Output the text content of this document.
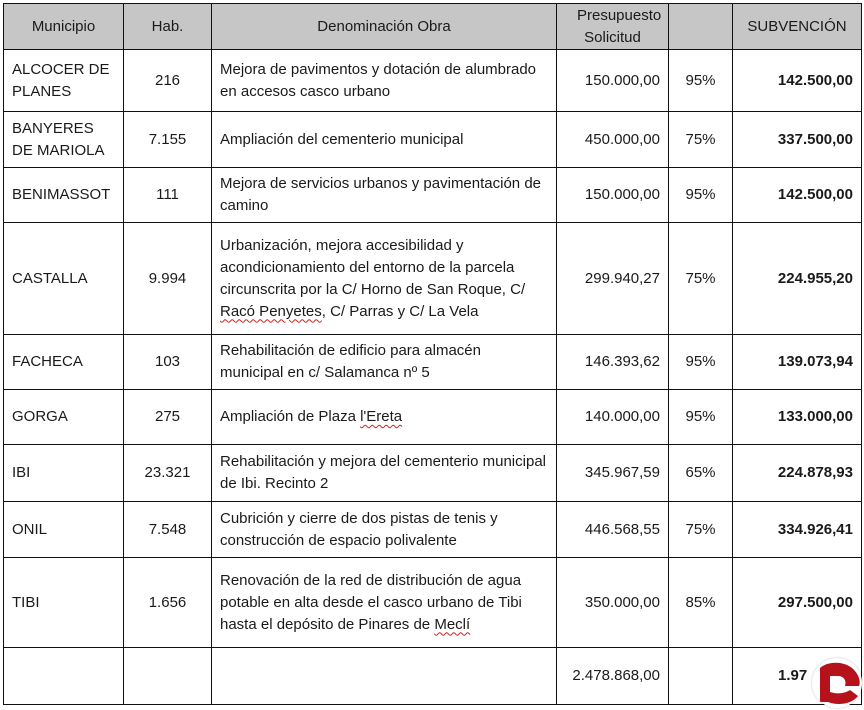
Municipio	Hab.	Denominación Obra	Presupuesto Solicitud		SUBVENCIÓN
ALCOCER DE PLANES	216	Mejora de pavimentos y dotación de alumbrado en accesos casco urbano	150.000,00	95%	142.500,00
BANYERES DE MARIOLA	7.155	Ampliación del cementerio municipal	450.000,00	75%	337.500,00
BENIMASSOT	111	Mejora de servicios urbanos y pavimentación de camino	150.000,00	95%	142.500,00
CASTALLA	9.994	Urbanización, mejora accesibilidad y acondicionamiento del entorno de la parcela circunscrita por la C/ Horno de San Roque, C/ Racó Penyetes, C/ Parras y C/ La Vela	299.940,27	75%	224.955,20
FACHECA	103	Rehabilitación de edificio para almacén municipal en c/ Salamanca nº 5	146.393,62	95%	139.073,94
GORGA	275	Ampliación de Plaza l'Ereta	140.000,00	95%	133.000,00
IBI	23.321	Rehabilitación y mejora del cementerio municipal de Ibi. Recinto 2	345.967,59	65%	224.878,93
ONIL	7.548	Cubrición y cierre de dos pistas de tenis y construcción de espacio polivalente	446.568,55	75%	334.926,41
TIBI	1.656	Renovación de la red de distribución de agua potable en alta desde el casco urbano de Tibi hasta el depósito de Pinares de Meclí	350.000,00	85%	297.500,00
			2.478.868,00		1.97
